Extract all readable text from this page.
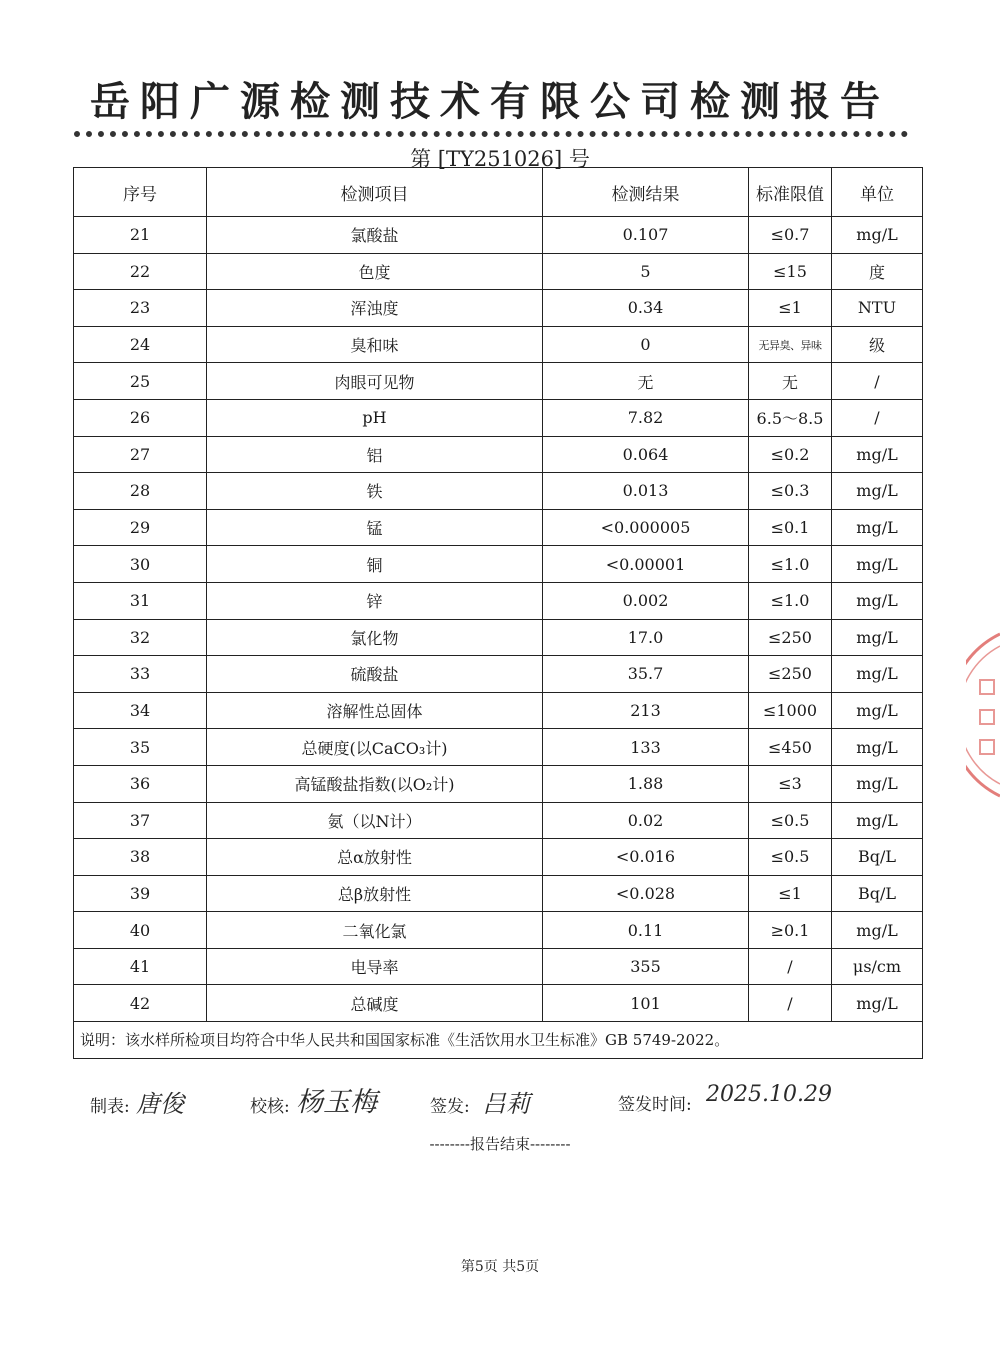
岳阳广源检测技术有限公司检测报告
第 [TY251026] 号
序号	检测项目	检测结果	标准限值	单位
21	氯酸盐	0.107	≤0.7	mg/L
22	色度	5	≤15	度
23	浑浊度	0.34	≤1	NTU
24	臭和味	0	无异臭、异味	级
25	肉眼可见物	无	无	/
26	pH	7.82	6.5～8.5	/
27	铝	0.064	≤0.2	mg/L
28	铁	0.013	≤0.3	mg/L
29	锰	<0.000005	≤0.1	mg/L
30	铜	<0.00001	≤1.0	mg/L
31	锌	0.002	≤1.0	mg/L
32	氯化物	17.0	≤250	mg/L
33	硫酸盐	35.7	≤250	mg/L
34	溶解性总固体	213	≤1000	mg/L
35	总硬度(以CaCO₃计)	133	≤450	mg/L
36	高锰酸盐指数(以O₂计)	1.88	≤3	mg/L
37	氨（以N计）	0.02	≤0.5	mg/L
38	总α放射性	<0.016	≤0.5	Bq/L
39	总β放射性	<0.028	≤1	Bq/L
40	二氧化氯	0.11	≥0.1	mg/L
41	电导率	355	/	μs/cm
42	总碱度	101	/	mg/L
说明：该水样所检项目均符合中华人民共和国国家标准《生活饮用水卫生标准》GB 5749-2022。				
制表: 唐俊	校核: 杨玉梅	签发: 吕莉	签发时间: 2025.10.29
--------报告结束--------
第5页 共5页
